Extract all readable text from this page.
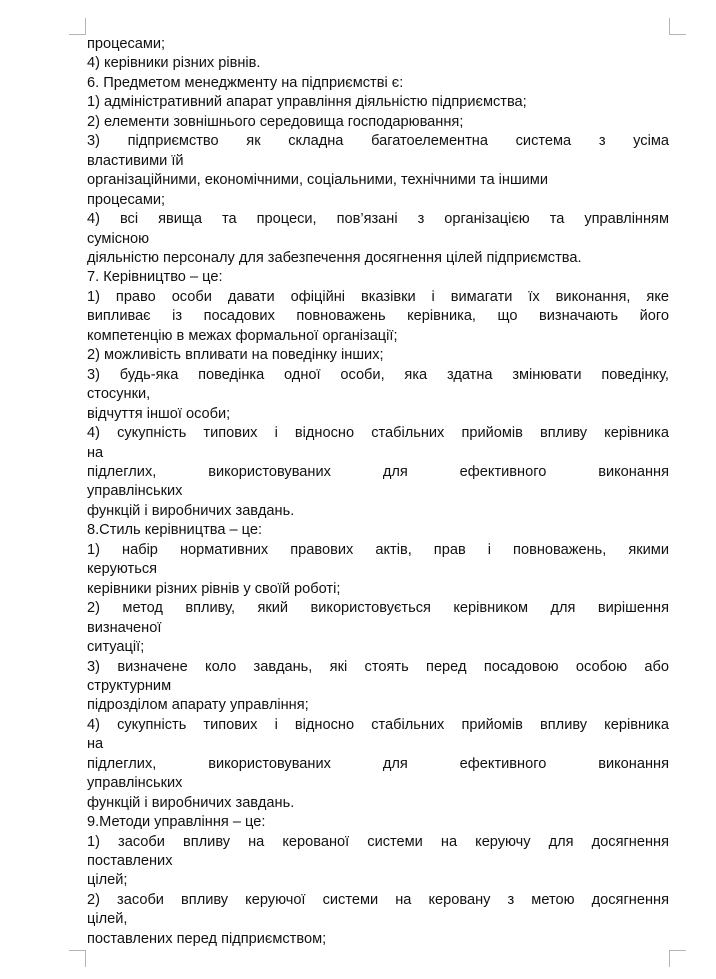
процесами;
4) керівники різних рівнів.
6. Предметом менеджменту на підприємстві є:
1) адміністративний апарат управління діяльністю підприємства;
2) елементи зовнішнього середовища господарювання;
3) підприємство як складна багатоелементна система з усіма
властивими їй
організаційними, економічними, соціальними, технічними та іншими
процесами;
4) всі явища та процеси, пов’язані з організацією та управлінням
сумісною
діяльністю персоналу для забезпечення досягнення цілей підприємства.
7. Керівництво – це:
1) право особи давати офіційні вказівки і вимагати їх виконання, яке
випливає із посадових повноважень керівника, що визначають його
компетенцію в межах формальної організації;
2) можливість впливати на поведінку інших;
3) будь-яка поведінка одної особи, яка здатна змінювати поведінку,
стосунки,
відчуття іншої особи;
4) сукупність типових і відносно стабільних прийомів впливу керівника
на
підлеглих, використовуваних для ефективного виконання
управлінських
функцій і виробничих завдань.
8.Стиль керівництва – це:
1) набір нормативних правових актів, прав і повноважень, якими
керуються
керівники різних рівнів у своїй роботі;
2) метод впливу, який використовується керівником для вирішення
визначеної
ситуації;
3) визначене коло завдань, які стоять перед посадовою особою або
структурним
підрозділом апарату управління;
4) сукупність типових і відносно стабільних прийомів впливу керівника
на
підлеглих, використовуваних для ефективного виконання
управлінських
функцій і виробничих завдань.
9.Методи управління – це:
1) засоби впливу на керованої системи на керуючу для досягнення
поставлених
цілей;
2) засоби впливу керуючої системи на керовану з метою досягнення
цілей,
поставлених перед підприємством;
